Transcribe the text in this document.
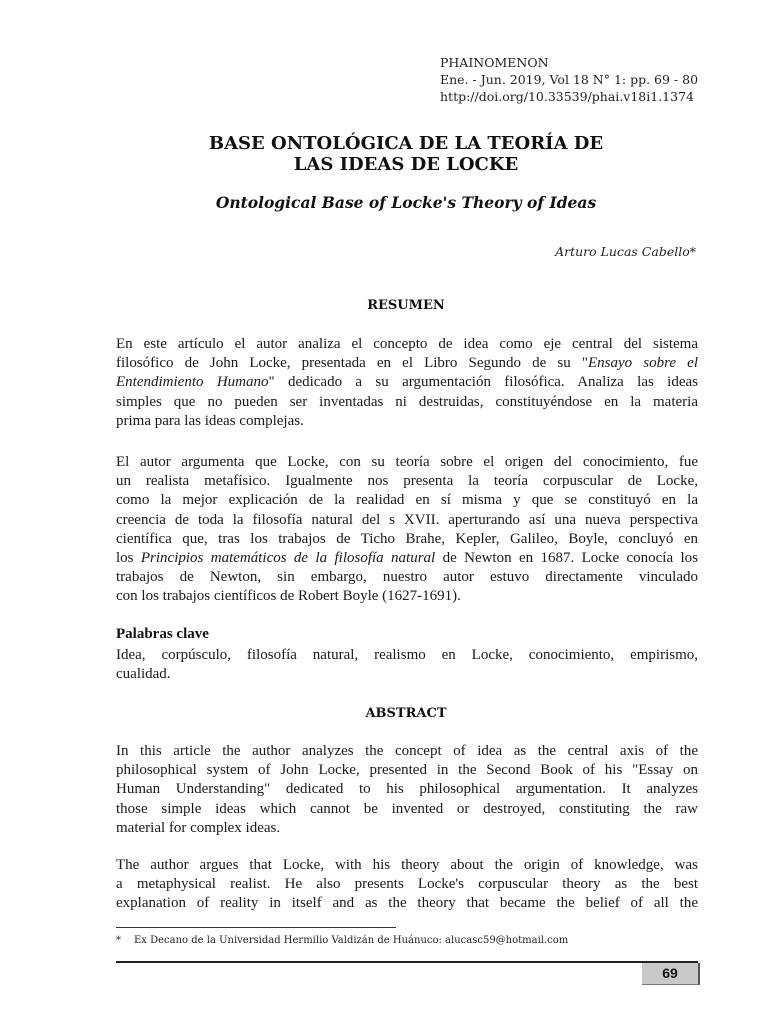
PHAINOMENON
Ene. - Jun. 2019, Vol 18 N° 1: pp. 69 - 80
http://doi.org/10.33539/phai.v18i1.1374
BASE ONTOLÓGICA DE LA TEORÍA DE
LAS IDEAS DE LOCKE
Ontological Base of Locke's Theory of Ideas
Arturo Lucas Cabello*
RESUMEN
En este artículo el autor analiza el concepto de idea como eje central del sistema
filosófico de John Locke, presentada en el Libro Segundo de su "Ensayo sobre el
Entendimiento Humano" dedicado a su argumentación filosófica. Analiza las ideas
simples que no pueden ser inventadas ni destruidas, constituyéndose en la materia
prima para las ideas complejas.
El autor argumenta que Locke, con su teoría sobre el origen del conocimiento, fue
un realista metafísico. Igualmente nos presenta la teoría corpuscular de Locke,
como la mejor explicación de la realidad en sí misma y que se constituyó en la
creencia de toda la filosofía natural del s XVII. aperturando así una nueva perspectiva
científica que, tras los trabajos de Ticho Brahe, Kepler, Galileo, Boyle, concluyó en
los Principios matemáticos de la filosofía natural de Newton en 1687. Locke conocía los
trabajos de Newton, sin embargo, nuestro autor estuvo directamente vinculado
con los trabajos científicos de Robert Boyle (1627-1691).
Palabras clave
Idea, corpúsculo, filosofía natural, realismo en Locke, conocimiento, empirismo,
cualidad.
ABSTRACT
In this article the author analyzes the concept of idea as the central axis of the
philosophical system of John Locke, presented in the Second Book of his "Essay on
Human Understanding" dedicated to his philosophical argumentation. It analyzes
those simple ideas which cannot be invented or destroyed, constituting the raw
material for complex ideas.
The author argues that Locke, with his theory about the origin of knowledge, was
a metaphysical realist. He also presents Locke's corpuscular theory as the best
explanation of reality in itself and as the theory that became the belief of all the
* Ex Decano de la Universidad Hermilio Valdizán de Huánuco: alucasc59@hotmail.com
69
